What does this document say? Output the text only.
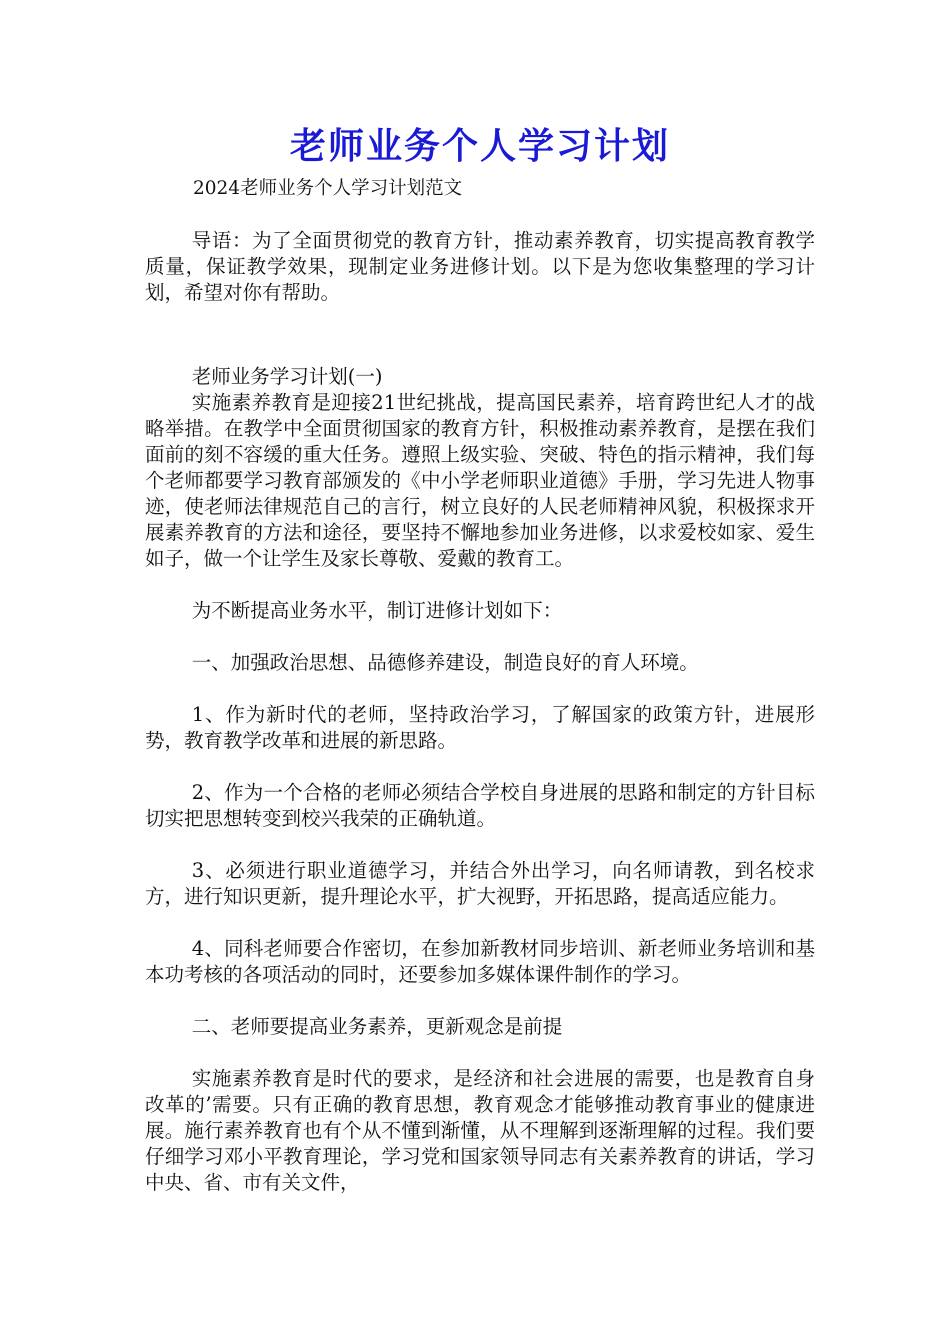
老师业务个人学习计划
2024老师业务个人学习计划范文

导语：为了全面贯彻党的教育方针，推动素养教育，切实提高教育教学质量，保证教学效果，现制定业务进修计划。以下是为您收集整理的学习计划，希望对你有帮助。

老师业务学习计划(一)

实施素养教育是迎接21世纪挑战，提高国民素养，培育跨世纪人才的战略举措。在教学中全面贯彻国家的教育方针，积极推动素养教育，是摆在我们面前的刻不容缓的重大任务。遵照上级实验、突破、特色的指示精神，我们每个老师都要学习教育部颁发的《中小学老师职业道德》手册，学习先进人物事迹，使老师法律规范自己的言行，树立良好的人民老师精神风貌，积极探求开展素养教育的方法和途径，要坚持不懈地参加业务进修，以求爱校如家、爱生如子，做一个让学生及家长尊敬、爱戴的教育工。

为不断提高业务水平，制订进修计划如下：

一、加强政治思想、品德修养建设，制造良好的育人环境。

1、作为新时代的老师，坚持政治学习，了解国家的政策方针，进展形势，教育教学改革和进展的新思路。

2、作为一个合格的老师必须结合学校自身进展的思路和制定的方针目标切实把思想转变到校兴我荣的正确轨道。

3、必须进行职业道德学习，并结合外出学习，向名师请教，到名校求方，进行知识更新，提升理论水平，扩大视野，开拓思路，提高适应能力。

4、同科老师要合作密切，在参加新教材同步培训、新老师业务培训和基本功考核的各项活动的同时，还要参加多媒体课件制作的学习。

二、老师要提高业务素养，更新观念是前提

实施素养教育是时代的要求，是经济和社会进展的需要，也是教育自身改革的’需要。只有正确的教育思想，教育观念才能够推动教育事业的健康进展。施行素养教育也有个从不懂到渐懂，从不理解到逐渐理解的过程。我们要仔细学习邓小平教育理论，学习党和国家领导同志有关素养教育的讲话，学习中央、省、市有关文件，
